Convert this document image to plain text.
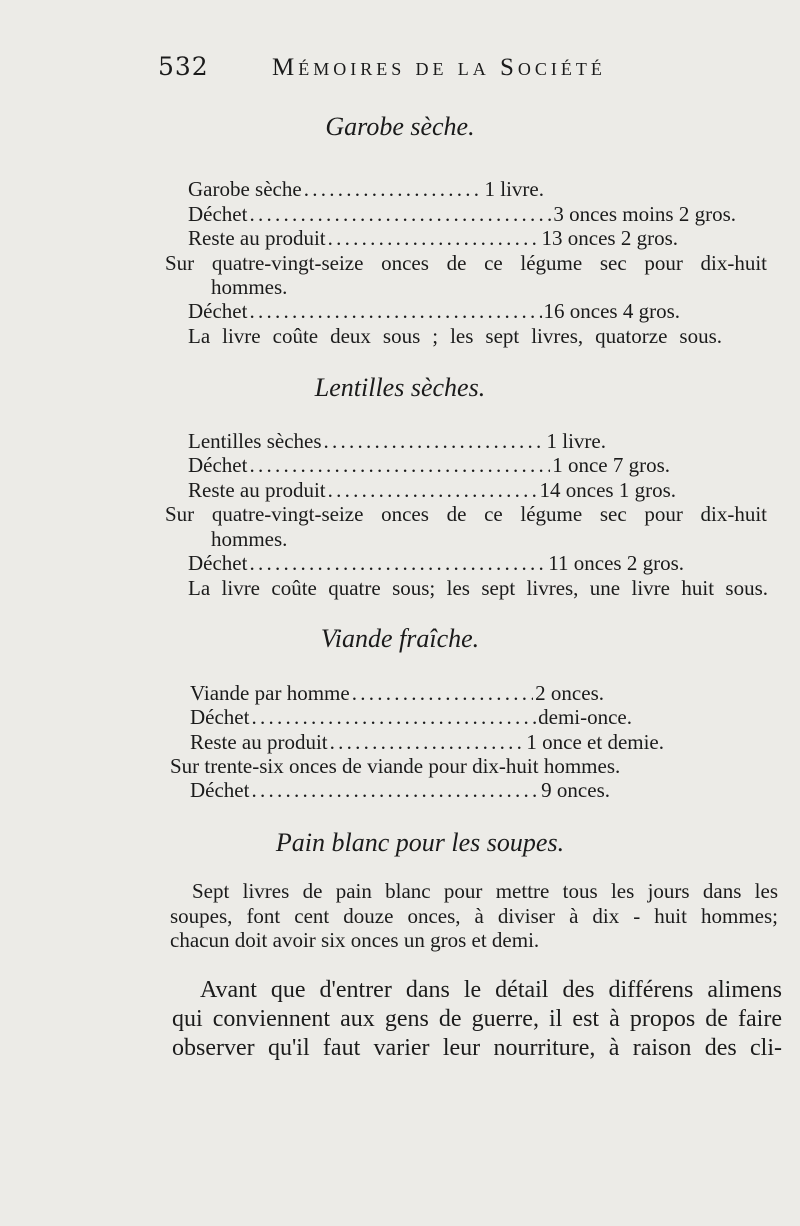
532	Mémoires de la Société
Garobe sèche.
Garobe sèche . . .	1 livre.
Déchet . . .	3 onces moins 2 gros.
Reste au produit . . .	13 onces 2 gros.
Sur quatre-vingt-seize onces de ce légume sec pour dix-huit
hommes.
Déchet . . .	16 onces 4 gros.
La livre coûte deux sous ; les sept livres, quatorze sous.
Lentilles sèches.
Lentilles sèches . . .	1 livre.
Déchet . . .	1 once 7 gros.
Reste au produit . . .	14 onces 1 gros.
Sur quatre-vingt-seize onces de ce légume sec pour dix-huit
hommes.
Déchet . . .	11 onces 2 gros.
La livre coûte quatre sous; les sept livres, une livre huit sous.
Viande fraîche.
Viande par homme . . .	2 onces.
Déchet . . .	demi-once.
Reste au produit . . .	1 once et demie.
Sur trente-six onces de viande pour dix-huit hommes.
Déchet . . .	9 onces.
Pain blanc pour les soupes.
Sept livres de pain blanc pour mettre tous les jours dans les
soupes, font cent douze onces, à diviser à dix - huit hommes;
chacun doit avoir six onces un gros et demi.
Avant que d'entrer dans le détail des différens alimens
qui conviennent aux gens de guerre, il est à propos de faire
observer qu'il faut varier leur nourriture, à raison des cli-
